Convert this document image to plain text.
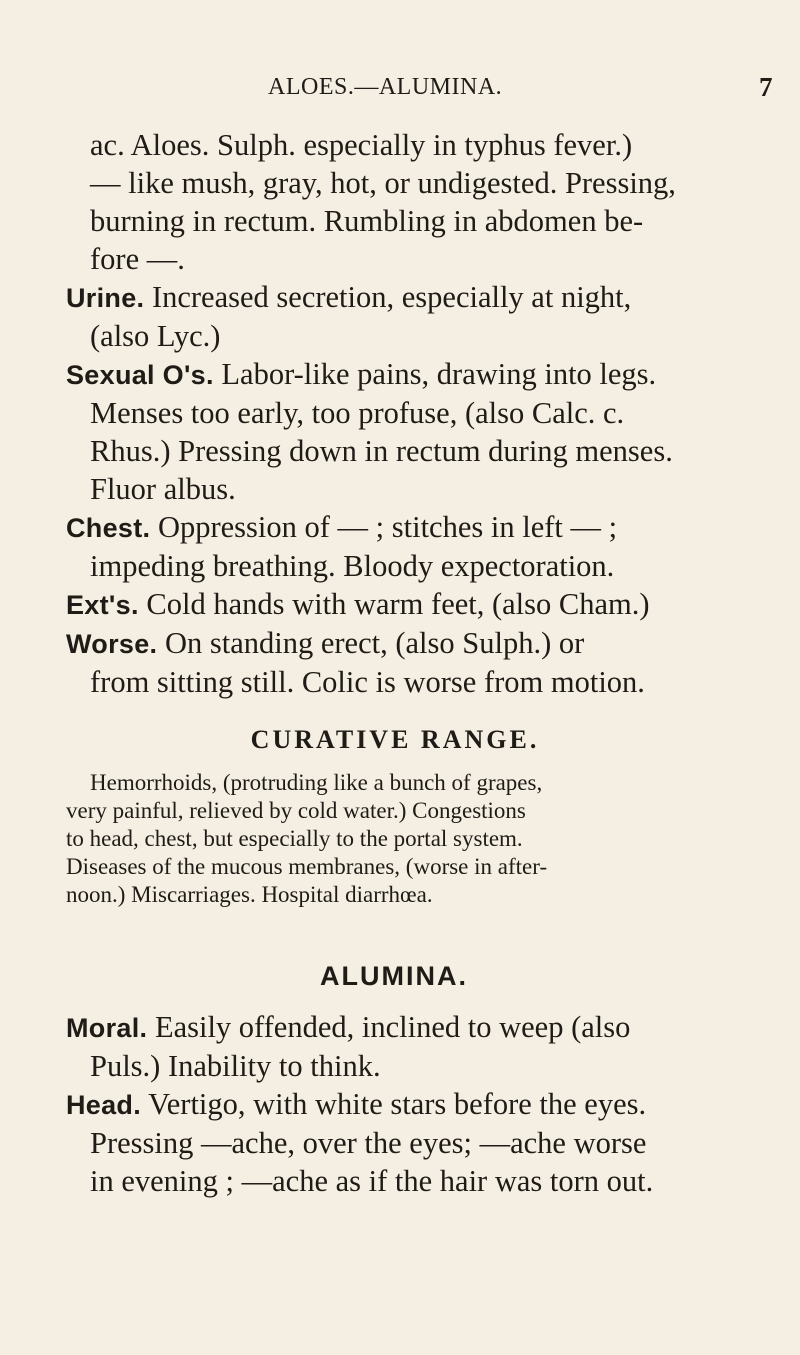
ALOES.—ALUMINA.	7

ac. Aloes. Sulph. especially in typhus fever.)
— like mush, gray, hot, or undigested. Pressing,
burning in rectum. Rumbling in abdomen be-
fore —.

Urine. Increased secretion, especially at night,
(also Lyc.)

Sexual O's. Labor-like pains, drawing into legs.
Menses too early, too profuse, (also Calc. c.
Rhus.) Pressing down in rectum during menses.
Fluor albus.

Chest. Oppression of — ; stitches in left — ;
impeding breathing. Bloody expectoration.

Ext's. Cold hands with warm feet, (also Cham.)

Worse. On standing erect, (also Sulph.) or
from sitting still. Colic is worse from motion.

CURATIVE RANGE.
Hemorrhoids, (protruding like a bunch of grapes,
very painful, relieved by cold water.) Congestions
to head, chest, but especially to the portal system.
Diseases of the mucous membranes, (worse in after-
noon.) Miscarriages. Hospital diarrhœa.
ALUMINA.

Moral. Easily offended, inclined to weep (also
Puls.) Inability to think.

Head. Vertigo, with white stars before the eyes.
Pressing —ache, over the eyes; —ache worse
in evening ; —ache as if the hair was torn out.
